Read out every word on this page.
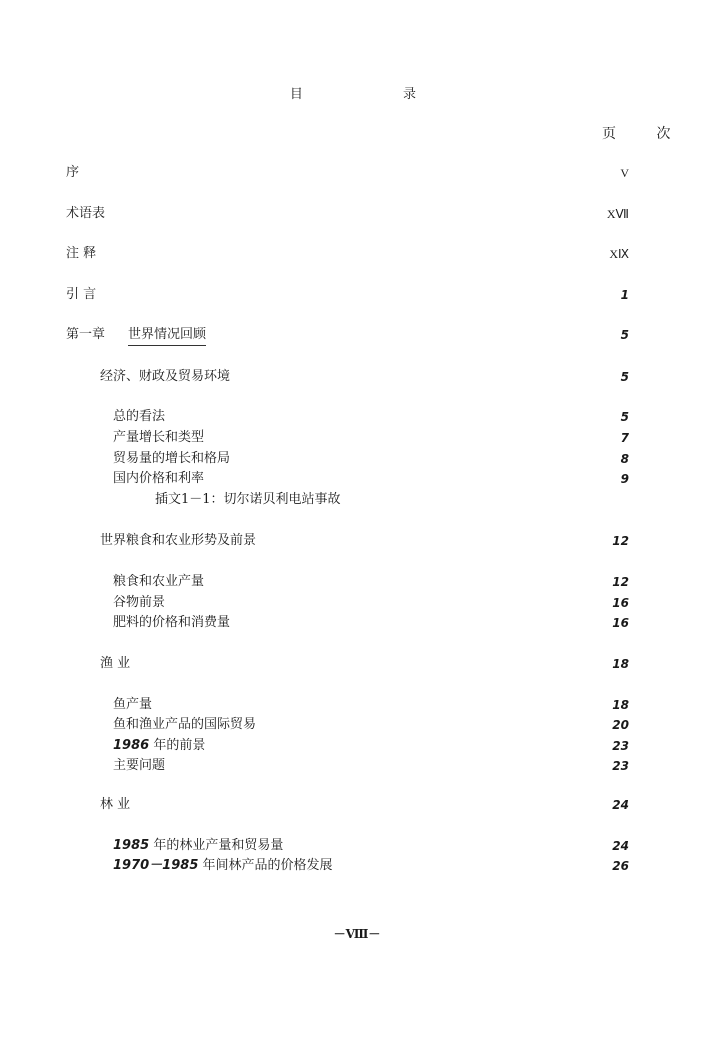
目 录
页 次
序	V
术语表	XⅦ
注 释	XⅨ
引 言	1
第一章 世界情况回顾	5
经济、财政及贸易环境	5
总的看法	5
产量增长和类型	7
贸易量的增长和格局	8
国内价格和利率	9
插文1－1：切尔诺贝利电站事故
世界粮食和农业形势及前景	12
粮食和农业产量	12
谷物前景	16
肥料的价格和消费量	16
渔 业	18
鱼产量	18
鱼和渔业产品的国际贸易	20
1986 年的前景	23
主要问题	23
林 业	24
1985 年的林业产量和贸易量	24
1970－1985 年间林产品的价格发展	26
－Ⅷ－
